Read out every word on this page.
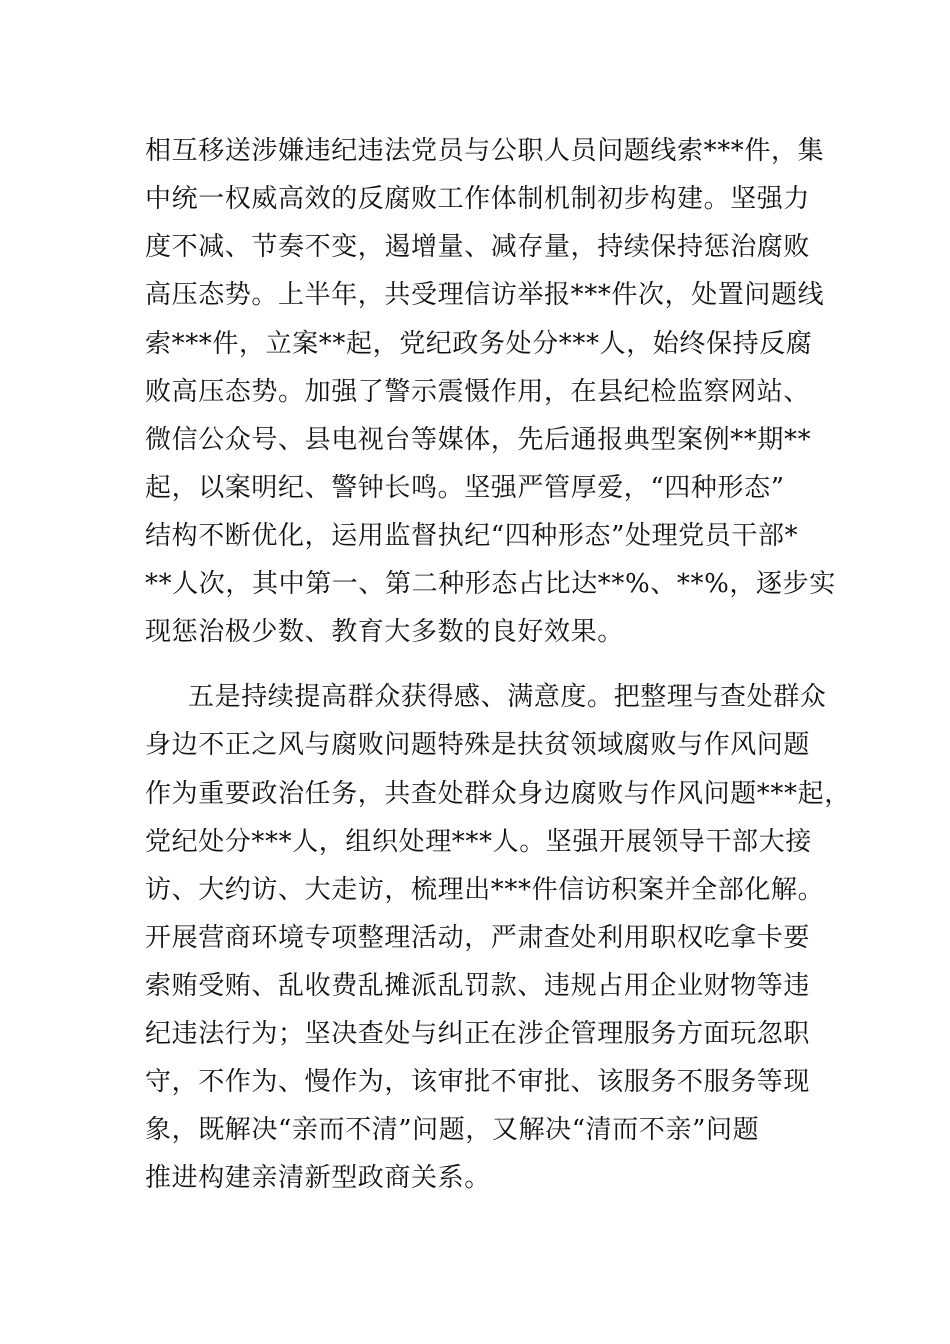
相互移送涉嫌违纪违法党员与公职人员问题线索***件，集
中统一权威高效的反腐败工作体制机制初步构建。坚强力
度不减、节奏不变，遏增量、减存量，持续保持惩治腐败
高压态势。上半年，共受理信访举报***件次，处置问题线
索***件，立案**起，党纪政务处分***人，始终保持反腐
败高压态势。加强了警示震慑作用，在县纪检监察网站、
微信公众号、县电视台等媒体，先后通报典型案例**期**
起，以案明纪、警钟长鸣。坚强严管厚爱，“四种形态”
结构不断优化，运用监督执纪“四种形态”处理党员干部*
**人次，其中第一、第二种形态占比达**%、**%，逐步实
现惩治极少数、教育大多数的良好效果。
五是持续提高群众获得感、满意度。把整理与查处群众
身边不正之风与腐败问题特殊是扶贫领域腐败与作风问题
作为重要政治任务，共查处群众身边腐败与作风问题***起，
党纪处分***人，组织处理***人。坚强开展领导干部大接
访、大约访、大走访，梳理出***件信访积案并全部化解。
开展营商环境专项整理活动，严肃查处利用职权吃拿卡要
索贿受贿、乱收费乱摊派乱罚款、违规占用企业财物等违
纪违法行为；坚决查处与纠正在涉企管理服务方面玩忽职
守，不作为、慢作为，该审批不审批、该服务不服务等现
象，既解决“亲而不清”问题，又解决“清而不亲”问题
推进构建亲清新型政商关系。
